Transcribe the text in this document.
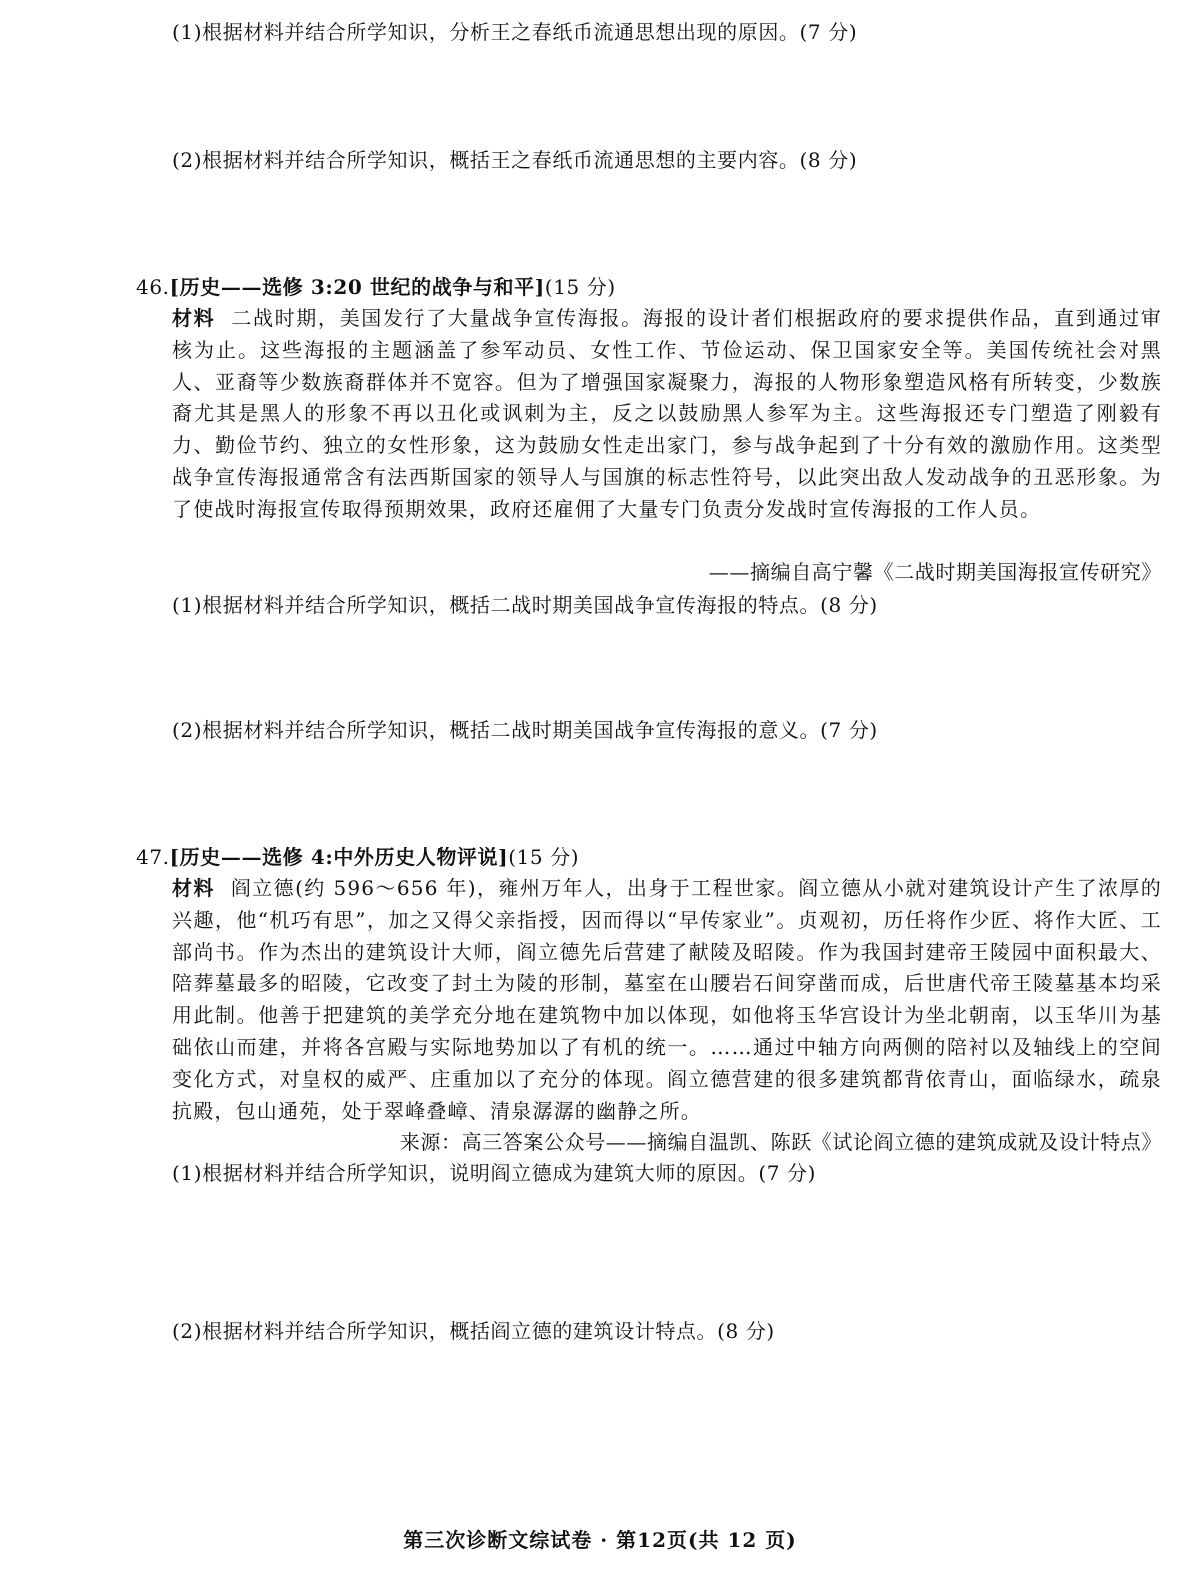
(1)根据材料并结合所学知识，分析王之春纸币流通思想出现的原因。(7 分)
(2)根据材料并结合所学知识，概括王之春纸币流通思想的主要内容。(8 分)
46.[历史——选修 3:20 世纪的战争与和平](15 分)
材料 二战时期，美国发行了大量战争宣传海报。海报的设计者们根据政府的要求提供作品，直到通过审核为止。这些海报的主题涵盖了参军动员、女性工作、节俭运动、保卫国家安全等。美国传统社会对黑人、亚裔等少数族裔群体并不宽容。但为了增强国家凝聚力，海报的人物形象塑造风格有所转变，少数族裔尤其是黑人的形象不再以丑化或讽刺为主，反之以鼓励黑人参军为主。这些海报还专门塑造了刚毅有力、勤俭节约、独立的女性形象，这为鼓励女性走出家门，参与战争起到了十分有效的激励作用。这类型战争宣传海报通常含有法西斯国家的领导人与国旗的标志性符号，以此突出敌人发动战争的丑恶形象。为了使战时海报宣传取得预期效果，政府还雇佣了大量专门负责分发战时宣传海报的工作人员。
——摘编自高宁馨《二战时期美国海报宣传研究》
(1)根据材料并结合所学知识，概括二战时期美国战争宣传海报的特点。(8 分)
(2)根据材料并结合所学知识，概括二战时期美国战争宣传海报的意义。(7 分)
47.[历史——选修 4:中外历史人物评说](15 分)
材料 阎立德(约 596～656 年)，雍州万年人，出身于工程世家。阎立德从小就对建筑设计产生了浓厚的兴趣，他“机巧有思”，加之又得父亲指授，因而得以“早传家业”。贞观初，历任将作少匠、将作大匠、工部尚书。作为杰出的建筑设计大师，阎立德先后营建了献陵及昭陵。作为我国封建帝王陵园中面积最大、陪葬墓最多的昭陵，它改变了封土为陵的形制，墓室在山腰岩石间穿凿而成，后世唐代帝王陵墓基本均采用此制。他善于把建筑的美学充分地在建筑物中加以体现，如他将玉华宫设计为坐北朝南，以玉华川为基础依山而建，并将各宫殿与实际地势加以了有机的统一。……通过中轴方向两侧的陪衬以及轴线上的空间变化方式，对皇权的威严、庄重加以了充分的体现。阎立德营建的很多建筑都背依青山，面临绿水，疏泉抗殿，包山通苑，处于翠峰叠嶂、清泉潺潺的幽静之所。
来源：高三答案公众号——摘编自温凯、陈跃《试论阎立德的建筑成就及设计特点》
(1)根据材料并结合所学知识，说明阎立德成为建筑大师的原因。(7 分)
(2)根据材料并结合所学知识，概括阎立德的建筑设计特点。(8 分)
第三次诊断文综试卷 · 第12页(共 12 页)
